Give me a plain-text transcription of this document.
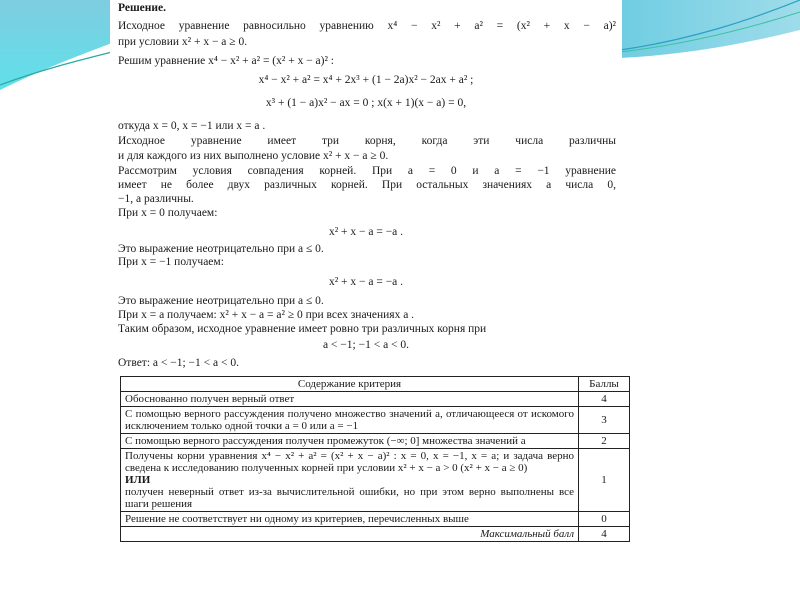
Решение.
Исходное уравнение равносильно уравнению x⁴ − x² + a² = (x² + x − a)²
при условии x² + x − a ≥ 0.
Решим уравнение x⁴ − x² + a² = (x² + x − a)² :
x⁴ − x² + a² = x⁴ + 2x³ + (1 − 2a)x² − 2ax + a² ;
x³ + (1 − a)x² − ax = 0 ; x(x + 1)(x − a) = 0,
откуда x = 0, x = −1 или x = a .
Исходное уравнение имеет три корня, когда эти числа различны
и для каждого из них выполнено условие x² + x − a ≥ 0.
Рассмотрим условия совпадения корней. При a = 0 и a = −1 уравнение
имеет не более двух различных корней. При остальных значениях a числа 0,
−1, a различны.
При x = 0 получаем:
x² + x − a = −a .
Это выражение неотрицательно при a ≤ 0.
При x = −1 получаем:
x² + x − a = −a .
Это выражение неотрицательно при a ≤ 0.
При x = a получаем: x² + x − a = a² ≥ 0 при всех значениях a .
Таким образом, исходное уравнение имеет ровно три различных корня при
a < −1; −1 < a < 0.
Ответ: a < −1; −1 < a < 0.
Содержание критерия	Баллы
Обоснованно получен верный ответ	4
С помощью верного рассуждения получено множество значений a, отличающееся от искомого исключением только одной точки a = 0 или a = −1	3
С помощью верного рассуждения получен промежуток (−∞; 0] множества значений a	2

Получены корни уравнения x⁴ − x² + a² = (x² + x − a)² : x = 0, x = −1, x = a; и задача верно сведена к исследованию полученных корней при условии x² + x − a > 0 (x² + x − a ≥ 0)
ИЛИ
получен неверный ответ из-за вычислительной ошибки, но при этом верно выполнены все шаги решения	1
Решение не соответствует ни одному из критериев, перечисленных выше	0
Максимальный балл	4
